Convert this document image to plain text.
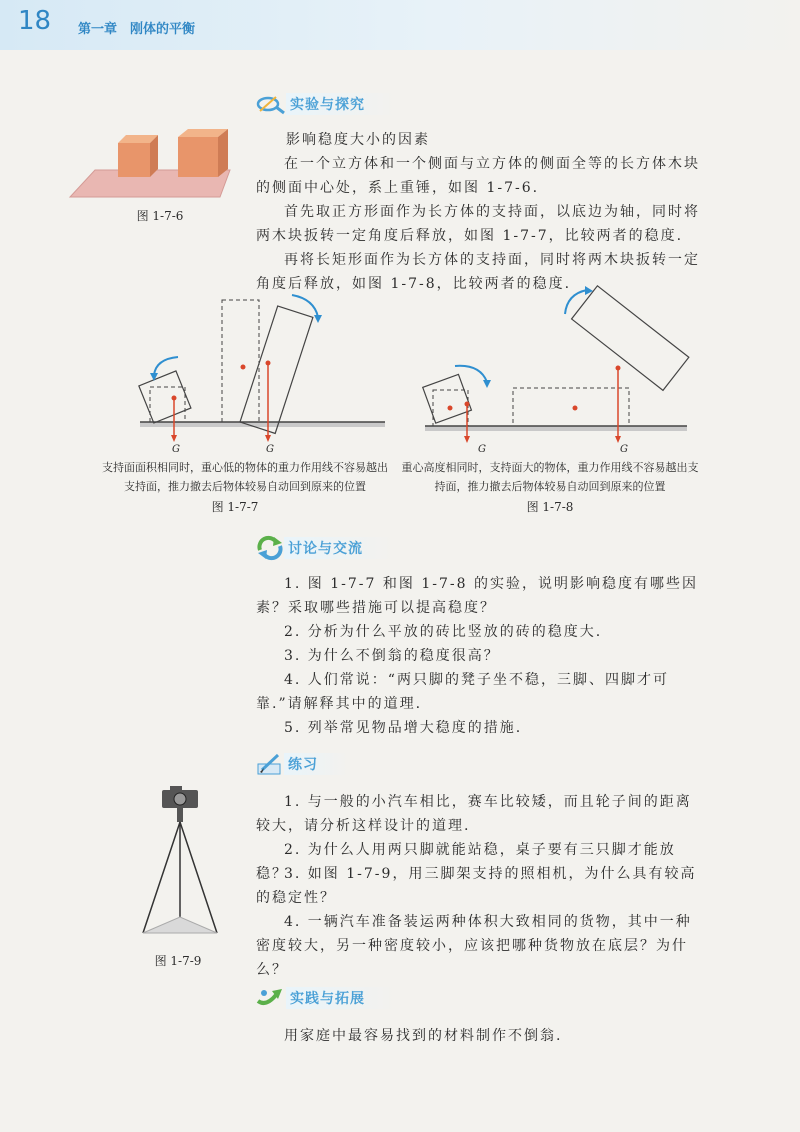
18 第一章　刚体的平衡
实验与探究
图 1-7-6
影响稳度大小的因素
在一个立方体和一个侧面与立方体的侧面全等的长方体木块的侧面中心处，系上重锤，如图 1-7-6.
首先取正方形面作为长方体的支持面，以底边为轴，同时将两木块扳转一定角度后释放，如图 1-7-7，比较两者的稳度.
再将长矩形面作为长方体的支持面，同时将两木块扳转一定角度后释放，如图 1-7-8，比较两者的稳度.
G	G
支持面面积相同时，重心低的物体的重力作用线不容易越出支持面，推力撤去后物体较易自动回到原来的位置
图 1-7-7
G	G
重心高度相同时，支持面大的物体，重力作用线不容易越出支持面，推力撤去后物体较易自动回到原来的位置
图 1-7-8
讨论与交流
1. 图 1-7-7 和图 1-7-8 的实验，说明影响稳度有哪些因素？采取哪些措施可以提高稳度？
2. 分析为什么平放的砖比竖放的砖的稳度大.
3. 为什么不倒翁的稳度很高？
4. 人们常说：“两只脚的凳子坐不稳，三脚、四脚才可靠.”请解释其中的道理.
5. 列举常见物品增大稳度的措施.
练习
图 1-7-9
1. 与一般的小汽车相比，赛车比较矮，而且轮子间的距离较大，请分析这样设计的道理.
2. 为什么人用两只脚就能站稳，桌子要有三只脚才能放稳？
3. 如图 1-7-9，用三脚架支持的照相机，为什么具有较高的稳定性？
4. 一辆汽车准备装运两种体积大致相同的货物，其中一种密度较大，另一种密度较小，应该把哪种货物放在底层？为什么？
实践与拓展
用家庭中最容易找到的材料制作不倒翁.
